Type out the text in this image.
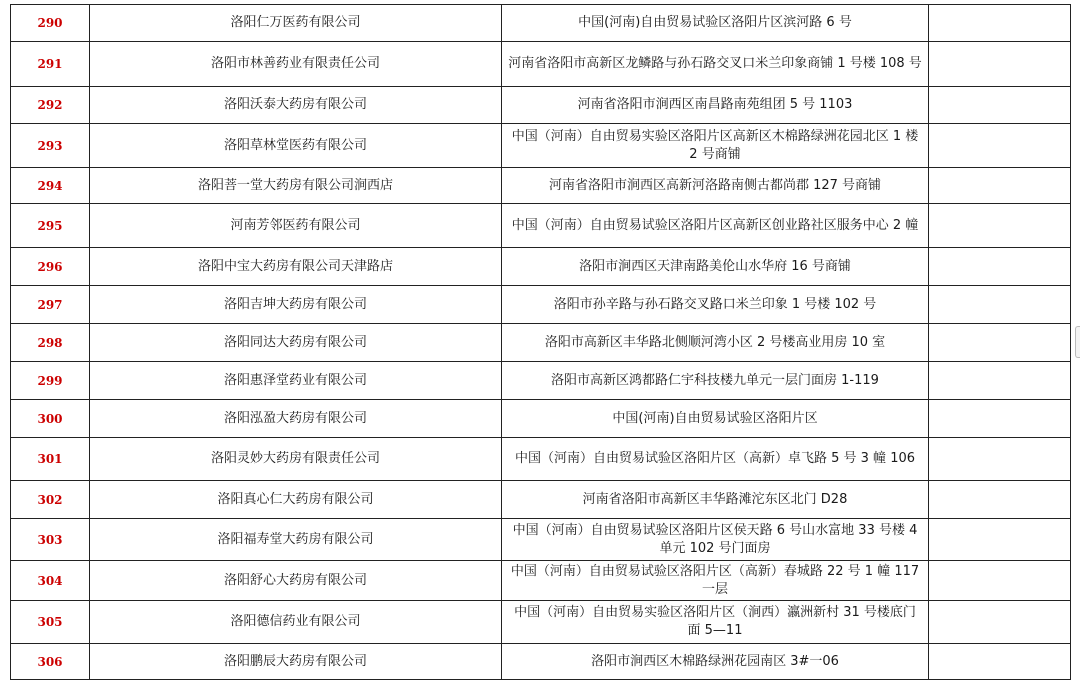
290	洛阳仁万医药有限公司	中国(河南)自由贸易试验区洛阳片区滨河路 6 号	
291	洛阳市林善药业有限责任公司	河南省洛阳市高新区龙鳞路与孙石路交叉口米兰印象商铺 1 号楼 108 号	
292	洛阳沃泰大药房有限公司	河南省洛阳市涧西区南昌路南苑组团 5 号 1103	
293	洛阳草林堂医药有限公司	中国（河南）自由贸易实验区洛阳片区高新区木棉路绿洲花园北区 1 楼 2 号商铺	
294	洛阳菩一堂大药房有限公司涧西店	河南省洛阳市涧西区高新河洛路南侧古都尚郡 127 号商铺	
295	河南芳邻医药有限公司	中国（河南）自由贸易试验区洛阳片区高新区创业路社区服务中心 2 幢	
296	洛阳中宝大药房有限公司天津路店	洛阳市涧西区天津南路美伦山水华府 16 号商铺	
297	洛阳吉坤大药房有限公司	洛阳市孙辛路与孙石路交叉路口米兰印象 1 号楼 102 号	
298	洛阳同达大药房有限公司	洛阳市高新区丰华路北侧顺河湾小区 2 号楼高业用房 10 室	
299	洛阳惠泽堂药业有限公司	洛阳市高新区鸿都路仁宇科技楼九单元一层门面房 1-119	
300	洛阳泓盈大药房有限公司	中国(河南)自由贸易试验区洛阳片区	
301	洛阳灵妙大药房有限责任公司	中国（河南）自由贸易试验区洛阳片区（高新）卓飞路 5 号 3 幢 106	
302	洛阳真心仁大药房有限公司	河南省洛阳市高新区丰华路滩沱东区北门 D28	
303	洛阳福寿堂大药房有限公司	中国（河南）自由贸易试验区洛阳片区侯天路 6 号山水富地 33 号楼 4 单元 102 号门面房	
304	洛阳舒心大药房有限公司	中国（河南）自由贸易试验区洛阳片区（高新）春城路 22 号 1 幢 117 一层	
305	洛阳德信药业有限公司	中国（河南）自由贸易实验区洛阳片区（涧西）瀛洲新村 31 号楼底门面 5—11	
306	洛阳鹏辰大药房有限公司	洛阳市涧西区木棉路绿洲花园南区 3#一06	
